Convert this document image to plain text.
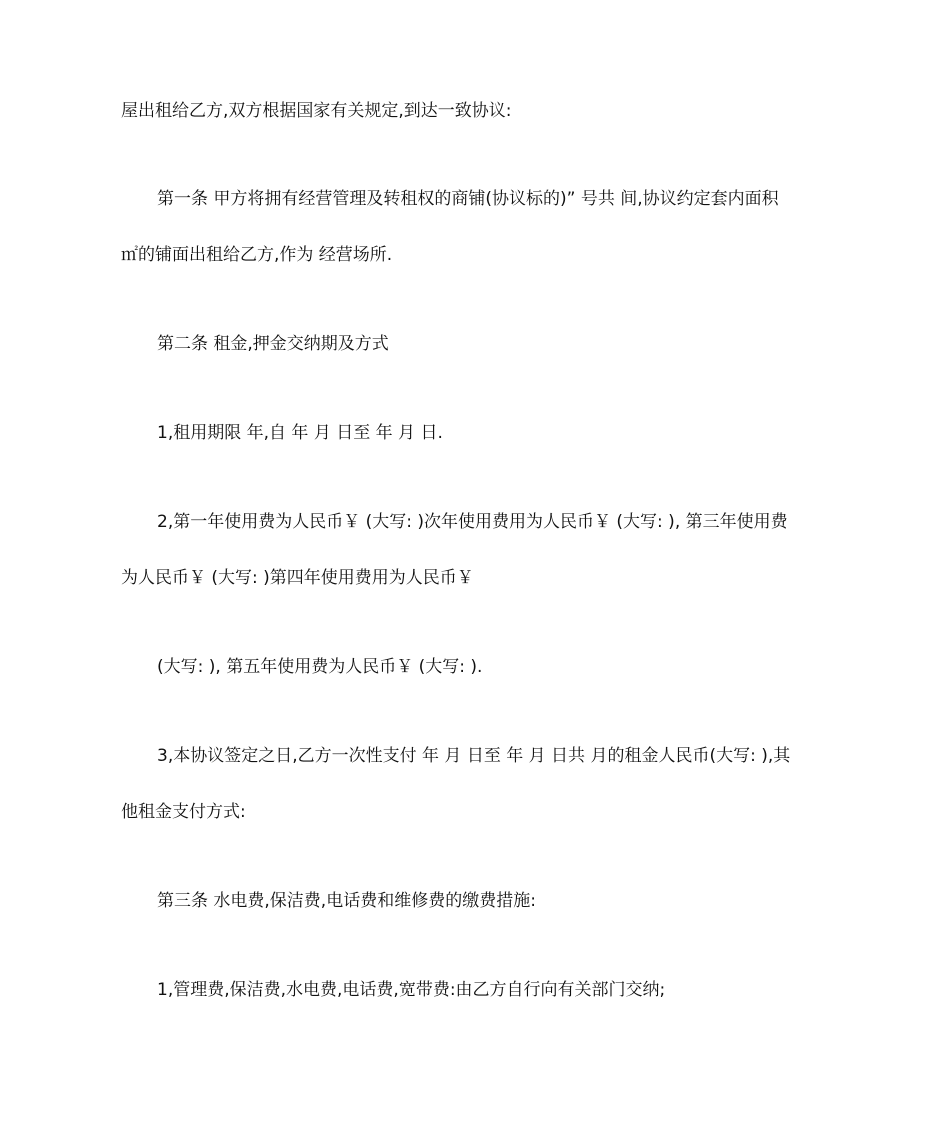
屋出租给乙方,双方根据国家有关规定,到达一致协议:

第一条 甲方将拥有经营管理及转租权的商铺(协议标的)” 号共 间,协议约定套内面积

㎡的铺面出租给乙方,作为 经营场所.

第二条 租金,押金交纳期及方式

1,租用期限 年,自 年 月 日至 年 月 日.

2,第一年使用费为人民币￥ (大写: )次年使用费用为人民币￥ (大写: ), 第三年使用费

为人民币￥ (大写: )第四年使用费用为人民币￥

(大写: ), 第五年使用费为人民币￥ (大写: ).

3,本协议签定之日,乙方一次性支付 年 月 日至 年 月 日共 月的租金人民币(大写: ),其

他租金支付方式:

第三条 水电费,保洁费,电话费和维修费的缴费措施:

1,管理费,保洁费,水电费,电话费,宽带费:由乙方自行向有关部门交纳;
